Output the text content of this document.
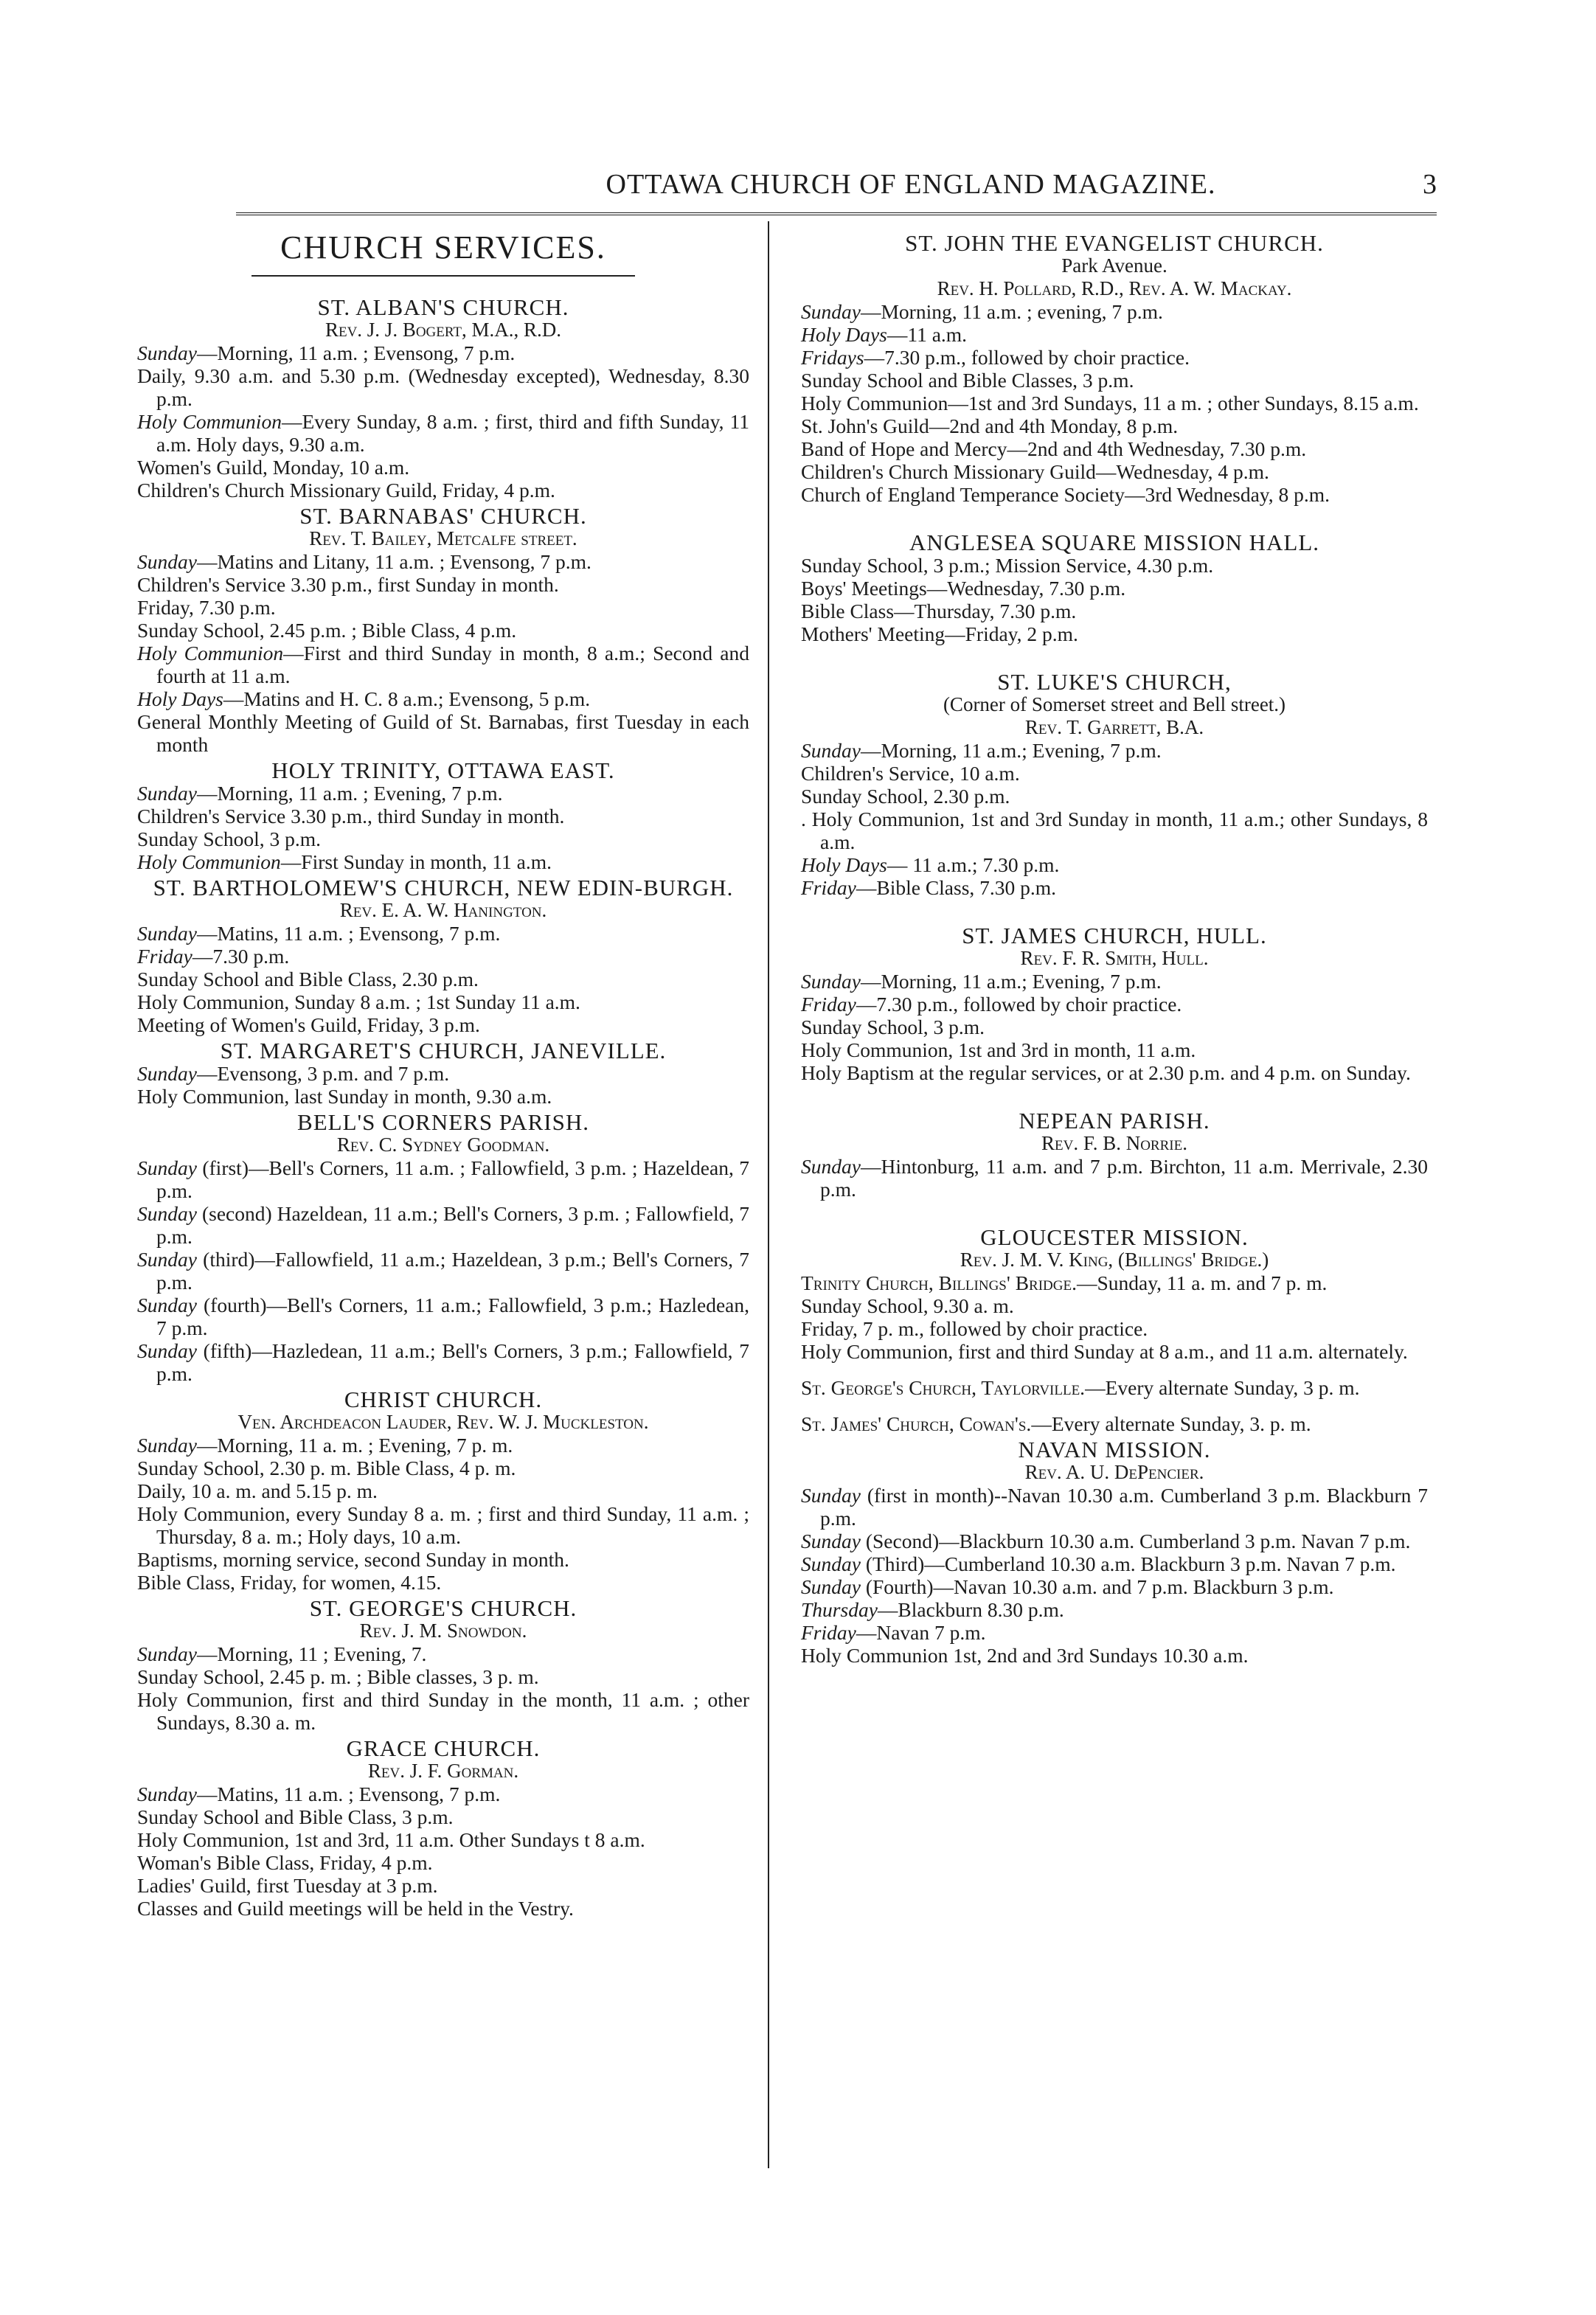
OTTAWA CHURCH OF ENGLAND MAGAZINE.	3
CHURCH SERVICES.
ST. ALBAN'S CHURCH.
Rev. J. J. Bogert, M.A., R.D.

Sunday—Morning, 11 a.m. ; Evensong, 7 p.m.

Daily, 9.30 a.m. and 5.30 p.m. (Wednesday excepted), Wednesday, 8.30 p.m.

Holy Communion—Every Sunday, 8 a.m. ; first, third and fifth Sunday, 11 a.m. Holy days, 9.30 a.m.

Women's Guild, Monday, 10 a.m.

Children's Church Missionary Guild, Friday, 4 p.m.

ST. BARNABAS' CHURCH.
Rev. T. Bailey, Metcalfe street.

Sunday—Matins and Litany, 11 a.m. ; Evensong, 7 p.m.

Children's Service 3.30 p.m., first Sunday in month.

Friday, 7.30 p.m.

Sunday School, 2.45 p.m. ; Bible Class, 4 p.m.

Holy Communion—First and third Sunday in month, 8 a.m.; Second and fourth at 11 a.m.

Holy Days—Matins and H. C. 8 a.m.; Evensong, 5 p.m.

General Monthly Meeting of Guild of St. Barnabas, first Tuesday in each month

HOLY TRINITY, OTTAWA EAST.

Sunday—Morning, 11 a.m. ; Evening, 7 p.m.

Children's Service 3.30 p.m., third Sunday in month.

Sunday School, 3 p.m.

Holy Communion—First Sunday in month, 11 a.m.

ST. BARTHOLOMEW'S CHURCH, NEW EDIN-BURGH.
Rev. E. A. W. Hanington.

Sunday—Matins, 11 a.m. ; Evensong, 7 p.m.

Friday—7.30 p.m.

Sunday School and Bible Class, 2.30 p.m.

Holy Communion, Sunday 8 a.m. ; 1st Sunday 11 a.m.

Meeting of Women's Guild, Friday, 3 p.m.

ST. MARGARET'S CHURCH, JANEVILLE.

Sunday—Evensong, 3 p.m. and 7 p.m.

Holy Communion, last Sunday in month, 9.30 a.m.

BELL'S CORNERS PARISH.
Rev. C. Sydney Goodman.

Sunday (first)—Bell's Corners, 11 a.m. ; Fallowfield, 3 p.m. ; Hazeldean, 7 p.m.

Sunday (second) Hazeldean, 11 a.m.; Bell's Corners, 3 p.m. ; Fallowfield, 7 p.m.

Sunday (third)—Fallowfield, 11 a.m.; Hazeldean, 3 p.m.; Bell's Corners, 7 p.m.

Sunday (fourth)—Bell's Corners, 11 a.m.; Fallowfield, 3 p.m.; Hazledean, 7 p.m.

Sunday (fifth)—Hazledean, 11 a.m.; Bell's Corners, 3 p.m.; Fallowfield, 7 p.m.

CHRIST CHURCH.
Ven. Archdeacon Lauder, Rev. W. J. Muckleston.

Sunday—Morning, 11 a. m. ; Evening, 7 p. m.

Sunday School, 2.30 p. m. Bible Class, 4 p. m.

Daily, 10 a. m. and 5.15 p. m.

Holy Communion, every Sunday 8 a. m. ; first and third Sunday, 11 a.m. ; Thursday, 8 a. m.; Holy days, 10 a.m.

Baptisms, morning service, second Sunday in month.

Bible Class, Friday, for women, 4.15.

ST. GEORGE'S CHURCH.
Rev. J. M. Snowdon.

Sunday—Morning, 11 ; Evening, 7.

Sunday School, 2.45 p. m. ; Bible classes, 3 p. m.

Holy Communion, first and third Sunday in the month, 11 a.m. ; other Sundays, 8.30 a. m.

GRACE CHURCH.
Rev. J. F. Gorman.

Sunday—Matins, 11 a.m. ; Evensong, 7 p.m.

Sunday School and Bible Class, 3 p.m.

Holy Communion, 1st and 3rd, 11 a.m. Other Sundays t 8 a.m.

Woman's Bible Class, Friday, 4 p.m.

Ladies' Guild, first Tuesday at 3 p.m.

Classes and Guild meetings will be held in the Vestry.

ST. JOHN THE EVANGELIST CHURCH.
Park Avenue.
Rev. H. Pollard, R.D., Rev. A. W. Mackay.

Sunday—Morning, 11 a.m. ; evening, 7 p.m.

Holy Days—11 a.m.

Fridays—7.30 p.m., followed by choir practice.

Sunday School and Bible Classes, 3 p.m.

Holy Communion—1st and 3rd Sundays, 11 a m. ; other Sundays, 8.15 a.m.

St. John's Guild—2nd and 4th Monday, 8 p.m.

Band of Hope and Mercy—2nd and 4th Wednesday, 7.30 p.m.

Children's Church Missionary Guild—Wednesday, 4 p.m.

Church of England Temperance Society—3rd Wednesday, 8 p.m.

ANGLESEA SQUARE MISSION HALL.

Sunday School, 3 p.m.; Mission Service, 4.30 p.m.

Boys' Meetings—Wednesday, 7.30 p.m.

Bible Class—Thursday, 7.30 p.m.

Mothers' Meeting—Friday, 2 p.m.

ST. LUKE'S CHURCH,
(Corner of Somerset street and Bell street.)
Rev. T. Garrett, B.A.

Sunday—Morning, 11 a.m.; Evening, 7 p.m.

Children's Service, 10 a.m.

Sunday School, 2.30 p.m.

. Holy Communion, 1st and 3rd Sunday in month, 11 a.m.; other Sundays, 8 a.m.

Holy Days— 11 a.m.; 7.30 p.m.

Friday—Bible Class, 7.30 p.m.

ST. JAMES CHURCH, HULL.
Rev. F. R. Smith, Hull.

Sunday—Morning, 11 a.m.; Evening, 7 p.m.

Friday—7.30 p.m., followed by choir practice.

Sunday School, 3 p.m.

Holy Communion, 1st and 3rd in month, 11 a.m.

Holy Baptism at the regular services, or at 2.30 p.m. and 4 p.m. on Sunday.

NEPEAN PARISH.
Rev. F. B. Norrie.

Sunday—Hintonburg, 11 a.m. and 7 p.m. Birchton, 11 a.m. Merrivale, 2.30 p.m.

GLOUCESTER MISSION.
Rev. J. M. V. King, (Billings' Bridge.)

Trinity Church, Billings' Bridge.—Sunday, 11 a. m. and 7 p. m.

Sunday School, 9.30 a. m.

Friday, 7 p. m., followed by choir practice.

Holy Communion, first and third Sunday at 8 a.m., and 11 a.m. alternately.

St. George's Church, Taylorville.—Every alternate Sunday, 3 p. m.

St. James' Church, Cowan's.—Every alternate Sunday, 3. p. m.

NAVAN MISSION.
Rev. A. U. DePencier.

Sunday (first in month)--Navan 10.30 a.m. Cumberland 3 p.m. Blackburn 7 p.m.

Sunday (Second)—Blackburn 10.30 a.m. Cumberland 3 p.m. Navan 7 p.m.

Sunday (Third)—Cumberland 10.30 a.m. Blackburn 3 p.m. Navan 7 p.m.

Sunday (Fourth)—Navan 10.30 a.m. and 7 p.m. Blackburn 3 p.m.

Thursday—Blackburn 8.30 p.m.

Friday—Navan 7 p.m.

Holy Communion 1st, 2nd and 3rd Sundays 10.30 a.m.
